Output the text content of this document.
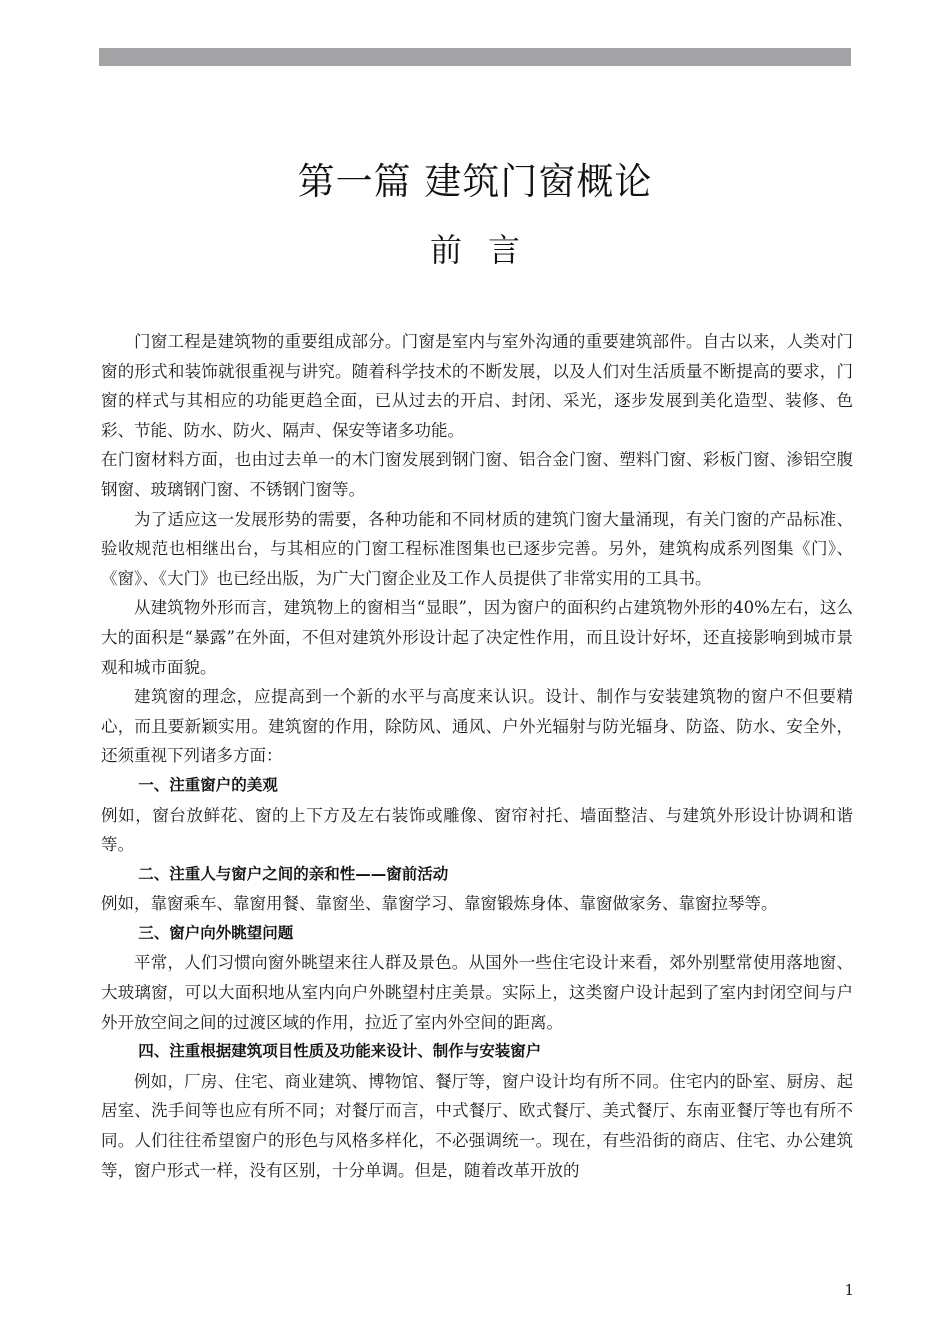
第一篇 建筑门窗概论
前言

门窗工程是建筑物的重要组成部分。门窗是室内与室外沟通的重要建筑部件。自古以来，人类对门窗的形式和装饰就很重视与讲究。随着科学技术的不断发展，以及人们对生活质量不断提高的要求，门窗的样式与其相应的功能更趋全面，已从过去的开启、封闭、采光，逐步发展到美化造型、装修、色彩、节能、防水、防火、隔声、保安等诸多功能。

在门窗材料方面，也由过去单一的木门窗发展到钢门窗、铝合金门窗、塑料门窗、彩板门窗、渗铝空腹钢窗、玻璃钢门窗、不锈钢门窗等。

为了适应这一发展形势的需要，各种功能和不同材质的建筑门窗大量涌现，有关门窗的产品标准、验收规范也相继出台，与其相应的门窗工程标准图集也已逐步完善。另外，建筑构成系列图集《门》、《窗》、《大门》也已经出版，为广大门窗企业及工作人员提供了非常实用的工具书。

从建筑物外形而言，建筑物上的窗相当“显眼”，因为窗户的面积约占建筑物外形的40%左右，这么大的面积是“暴露”在外面，不但对建筑外形设计起了决定性作用，而且设计好坏，还直接影响到城市景观和城市面貌。

建筑窗的理念，应提高到一个新的水平与高度来认识。设计、制作与安装建筑物的窗户不但要精心，而且要新颖实用。建筑窗的作用，除防风、通风、户外光辐射与防光辐身、防盗、防水、安全外，还须重视下列诸多方面：

一、注重窗户的美观

例如，窗台放鲜花、窗的上下方及左右装饰或雕像、窗帘衬托、墙面整洁、与建筑外形设计协调和谐等。

二、注重人与窗户之间的亲和性——窗前活动

例如，靠窗乘车、靠窗用餐、靠窗坐、靠窗学习、靠窗锻炼身体、靠窗做家务、靠窗拉琴等。

三、窗户向外眺望问题

平常，人们习惯向窗外眺望来往人群及景色。从国外一些住宅设计来看，郊外别墅常使用落地窗、大玻璃窗，可以大面积地从室内向户外眺望村庄美景。实际上，这类窗户设计起到了室内封闭空间与户外开放空间之间的过渡区域的作用，拉近了室内外空间的距离。

四、注重根据建筑项目性质及功能来设计、制作与安装窗户

例如，厂房、住宅、商业建筑、博物馆、餐厅等，窗户设计均有所不同。住宅内的卧室、厨房、起居室、洗手间等也应有所不同；对餐厅而言，中式餐厅、欧式餐厅、美式餐厅、东南亚餐厅等也有所不同。人们往往希望窗户的形色与风格多样化，不必强调统一。现在，有些沿街的商店、住宅、办公建筑等，窗户形式一样，没有区别，十分单调。但是，随着改革开放的

1
